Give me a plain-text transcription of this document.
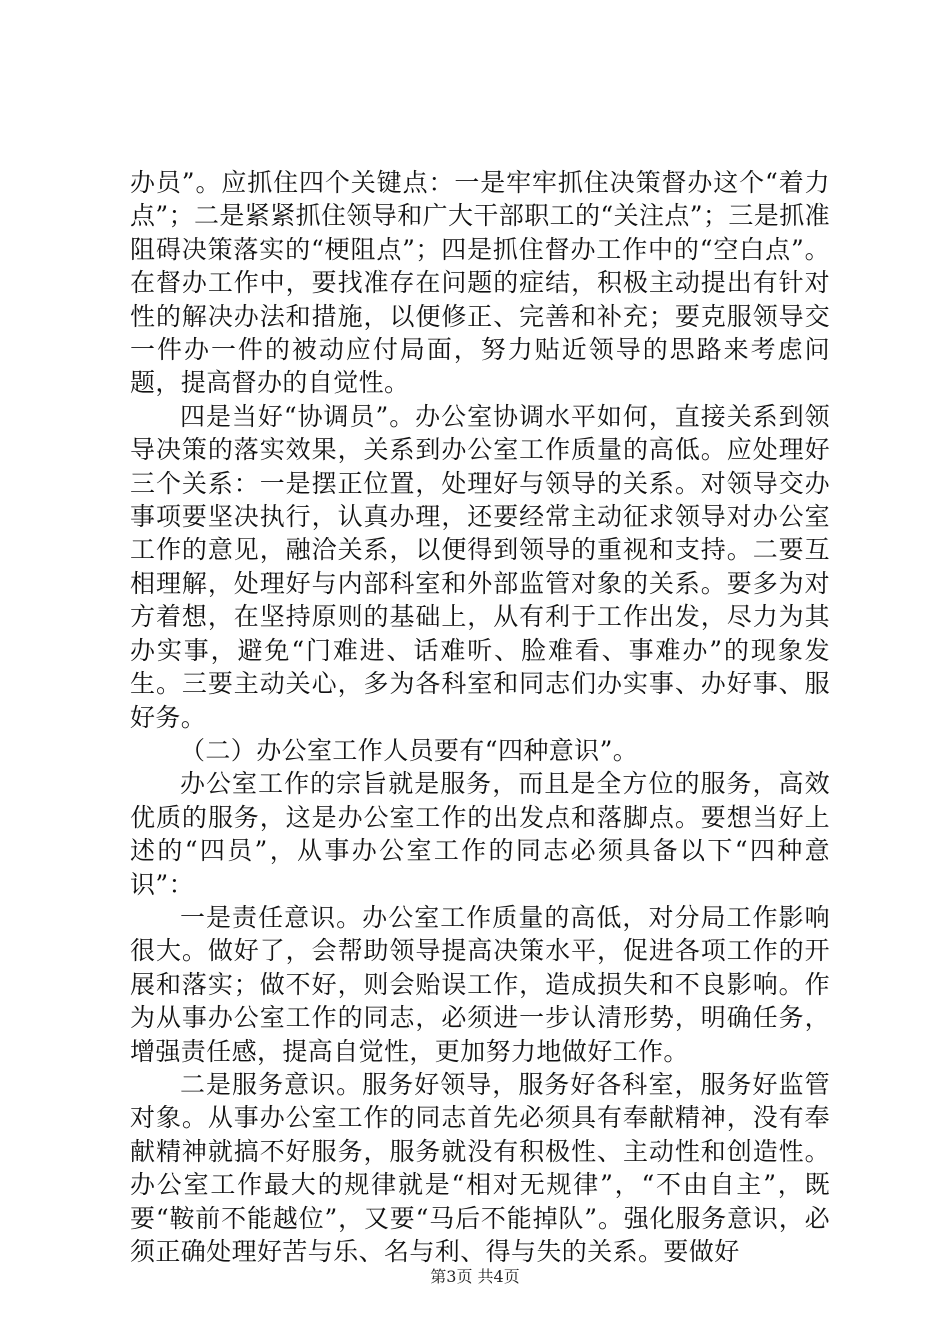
办员”。应抓住四个关键点：一是牢牢抓住决策督办这个“着力点”；二是紧紧抓住领导和广大干部职工的“关注点”；三是抓准阻碍决策落实的“梗阻点”；四是抓住督办工作中的“空白点”。在督办工作中，要找准存在问题的症结，积极主动提出有针对性的解决办法和措施，以便修正、完善和补充；要克服领导交一件办一件的被动应付局面，努力贴近领导的思路来考虑问题，提高督办的自觉性。

四是当好“协调员”。办公室协调水平如何，直接关系到领导决策的落实效果，关系到办公室工作质量的高低。应处理好三个关系：一是摆正位置，处理好与领导的关系。对领导交办事项要坚决执行，认真办理，还要经常主动征求领导对办公室工作的意见，融洽关系，以便得到领导的重视和支持。二要互相理解，处理好与内部科室和外部监管对象的关系。要多为对方着想，在坚持原则的基础上，从有利于工作出发，尽力为其办实事，避免“门难进、话难听、脸难看、事难办”的现象发生。三要主动关心，多为各科室和同志们办实事、办好事、服好务。

（二）办公室工作人员要有“四种意识”。

办公室工作的宗旨就是服务，而且是全方位的服务，高效优质的服务，这是办公室工作的出发点和落脚点。要想当好上述的“四员”，从事办公室工作的同志必须具备以下“四种意识”：

一是责任意识。办公室工作质量的高低，对分局工作影响很大。做好了，会帮助领导提高决策水平，促进各项工作的开展和落实；做不好，则会贻误工作，造成损失和不良影响。作为从事办公室工作的同志，必须进一步认清形势，明确任务，增强责任感，提高自觉性，更加努力地做好工作。

二是服务意识。服务好领导，服务好各科室，服务好监管对象。从事办公室工作的同志首先必须具有奉献精神，没有奉献精神就搞不好服务，服务就没有积极性、主动性和创造性。办公室工作最大的规律就是“相对无规律”，“不由自主”，既要“鞍前不能越位”，又要“马后不能掉队”。强化服务意识，必须正确处理好苦与乐、名与利、得与失的关系。要做好

第3页 共4页
